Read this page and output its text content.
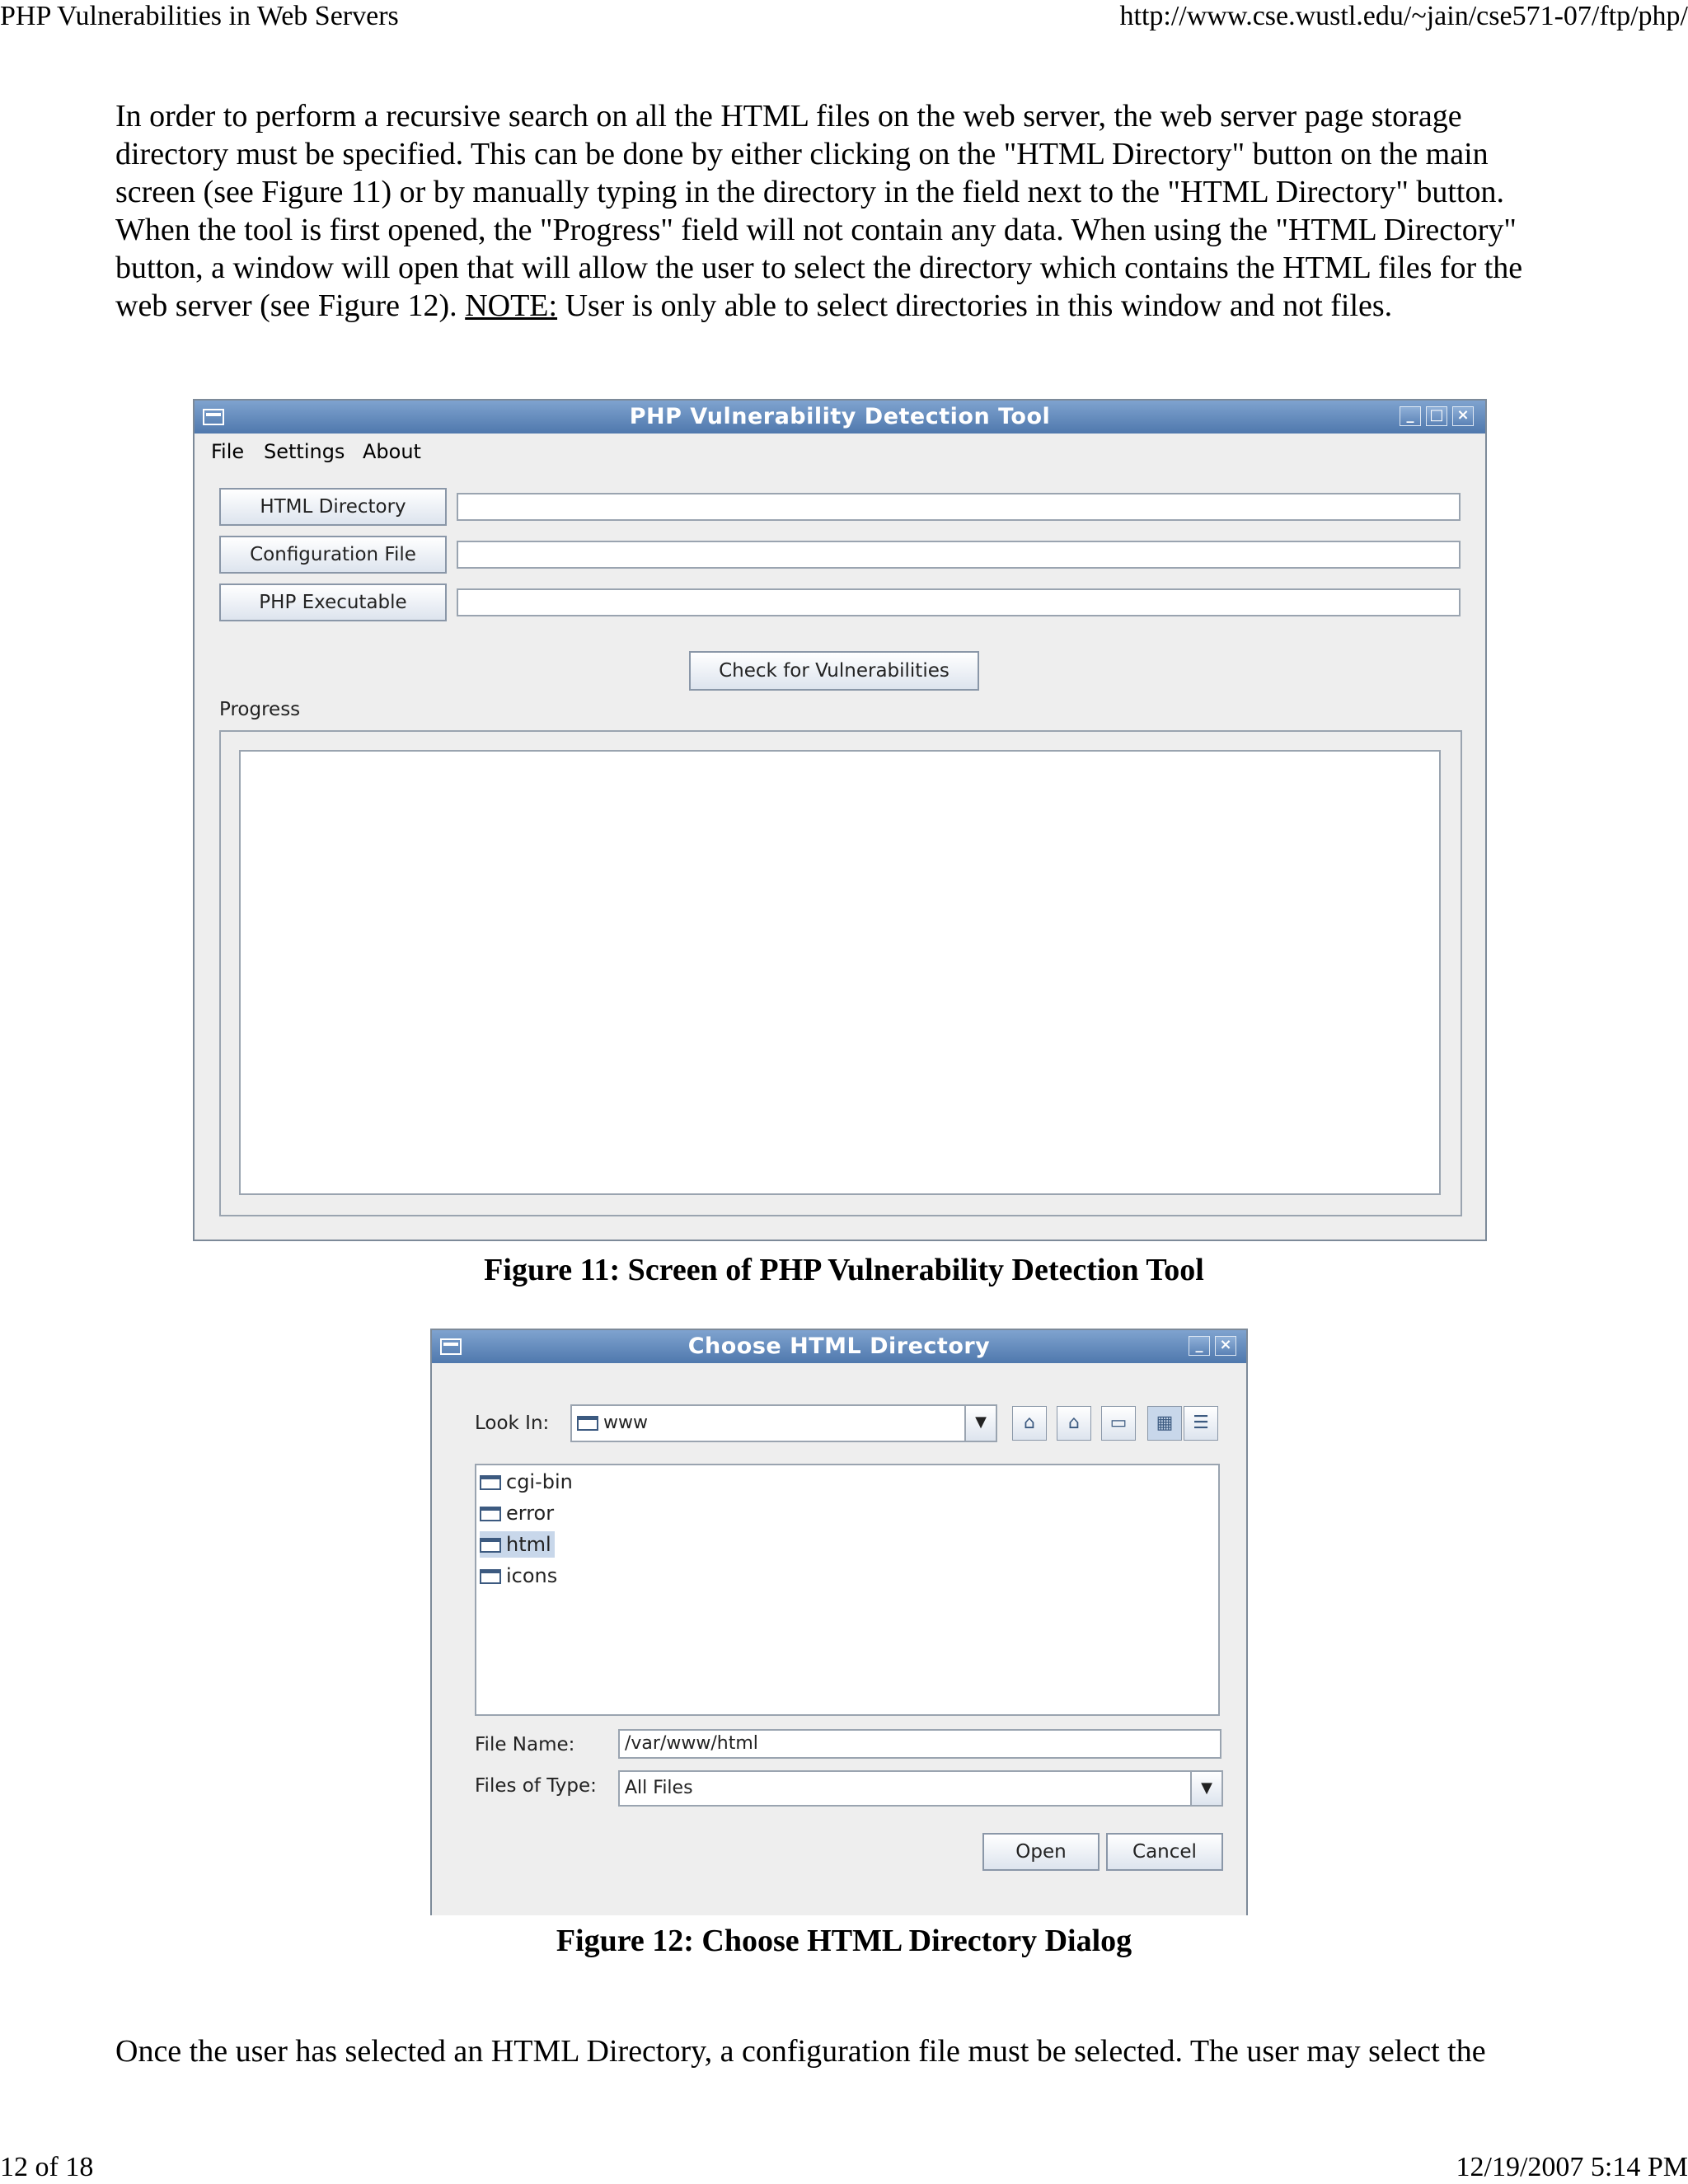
PHP Vulnerabilities in Web Servers	http://www.cse.wustl.edu/~jain/cse571-07/ftp/php/

In order to perform a recursive search on all the HTML files on the web server, the web server page storage directory must be specified. This can be done by either clicking on the "HTML Directory" button on the main screen (see Figure 11) or by manually typing in the directory in the field next to the "HTML Directory" button. When the tool is first opened, the "Progress" field will not contain any data. When using the "HTML Directory" button, a window will open that will allow the user to select the directory which contains the HTML files for the web server (see Figure 12). NOTE: User is only able to select directories in this window and not files.

PHP Vulnerability Detection Tool	_	□ ×
File Settings About
HTML Directory
Configuration File
PHP Executable
Check for Vulnerabilities
Progress
Figure 11: Screen of PHP Vulnerability Detection Tool
Choose HTML Directory	_	×
Look In:	www	▼	⌂	⌂	▭	▦	☰
cgi-bin
error
html
icons
File Name:	/var/www/html
Files of Type:	All Files	▼
Open	Cancel
Figure 12: Choose HTML Directory Dialog

Once the user has selected an HTML Directory, a configuration file must be selected. The user may select the

12 of 18	12/19/2007 5:14 PM
